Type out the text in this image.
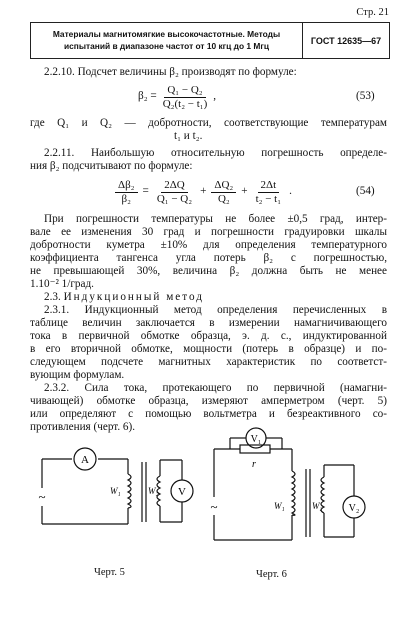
Стр. 21
Материалы магнитомягкие высокочастотные. Методы
испытаний в диапазоне частот от 10 кгц до 1 Мгц
ГОСТ 12635—67
2.2.10. Подсчет величины β₂ производят по формуле:
$\beta_2 = \frac{\text{Q₁ − Q₂}}{\text{Q₂(t₂ − t₁)}}$ ,	(53)
где Q₁ и Q₂ — добротности, соответствующие температурам
t₁ и t₂.
2.2.11. Наибольшую относительную погрешность определе-
ния β₂ подсчитывают по формуле:
$\frac{\text{Δβ₂}}{\text{β₂}} = \frac{2\Delta Q}{\text{Q₁ − Q₂}} + \frac{\text{ΔQ₂}}{\text{Q₂}} + \frac{2\Delta t}{\text{t₂ − t₁}}$ .	(54)
При погрешности температуры не более ±0,5 град, интер-
вале ее изменения 30 град и погрешности градуировки шкалы
добротности куметра ±10% для определения температурного
коэффициента тангенса угла потерь β₂ с погрешностью,
не превышающей 30%, величина β₂ должна быть не менее
1.10⁻² 1/град.
2.3. Индукционный метод
2.3.1. Индукционный метод определения перечисленных в
таблице величин заключается в измерении намагничивающего
тока в первичной обмотке образца, э. д. с., индуктированной
в его вторичной обмотке, мощности (потерь в образце) и по-
следующем подсчете магнитных характеристик по соответст-
вующим формулам.
2.3.2. Сила тока, протекающего по первичной (намагни-
чивающей) обмотке образца, измеряют амперметром (черт. 5)
или определяют с помощью вольтметра и безреактивного со-
противления (черт. 6).
A
~	W₁	W₂ V
V₁
r
~	W₁	W₂	V₂
Черт. 5	Черт. 6
